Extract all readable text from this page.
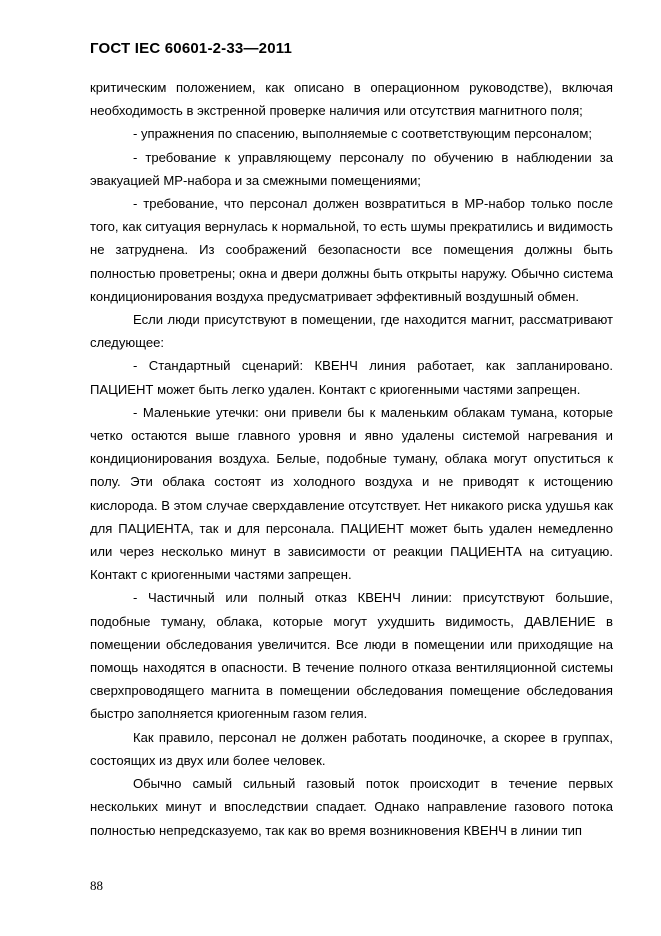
ГОСТ IEC 60601-2-33—2011

критическим положением, как описано в операционном руководстве), включая необходимость в экстренной проверке наличия или отсутствия магнитного поля;

- упражнения по спасению, выполняемые с соответствующим персоналом;

- требование к управляющему персоналу по обучению в наблюдении за эвакуацией МР-набора и за смежными помещениями;

- требование, что персонал должен возвратиться в МР-набор только после того, как ситуация вернулась к нормальной, то есть шумы прекратились и видимость не затруднена. Из соображений безопасности все помещения должны быть полностью проветрены; окна и двери должны быть открыты наружу. Обычно система кондиционирования воздуха предусматривает эффективный воздушный обмен.

Если люди присутствуют в помещении, где находится магнит, рассматривают следующее:

- Стандартный сценарий: КВЕНЧ линия работает, как запланировано. ПАЦИЕНТ может быть легко удален. Контакт с криогенными частями запрещен.

- Маленькие утечки: они привели бы к маленьким облакам тумана, которые четко остаются выше главного уровня и явно удалены системой нагревания и кондиционирования воздуха. Белые, подобные туману, облака могут опуститься к полу. Эти облака состоят из холодного воздуха и не приводят к истощению кислорода. В этом случае сверхдавление отсутствует. Нет никакого риска удушья как для ПАЦИЕНТА, так и для персонала. ПАЦИЕНТ может быть удален немедленно или через несколько минут в зависимости от реакции ПАЦИЕНТА на ситуацию. Контакт с криогенными частями запрещен.

- Частичный или полный отказ КВЕНЧ линии: присутствуют большие, подобные туману, облака, которые могут ухудшить видимость, ДАВЛЕНИЕ в помещении обследования увеличится. Все люди в помещении или приходящие на помощь находятся в опасности. В течение полного отказа вентиляционной системы сверхпроводящего магнита в помещении обследования помещение обследования быстро заполняется криогенным газом гелия.

Как правило, персонал не должен работать поодиночке, а скорее в группах, состоящих из двух или более человек.

Обычно самый сильный газовый поток происходит в течение первых нескольких минут и впоследствии спадает. Однако направление газового потока полностью непредсказуемо, так как во время возникновения КВЕНЧ в линии тип

88
